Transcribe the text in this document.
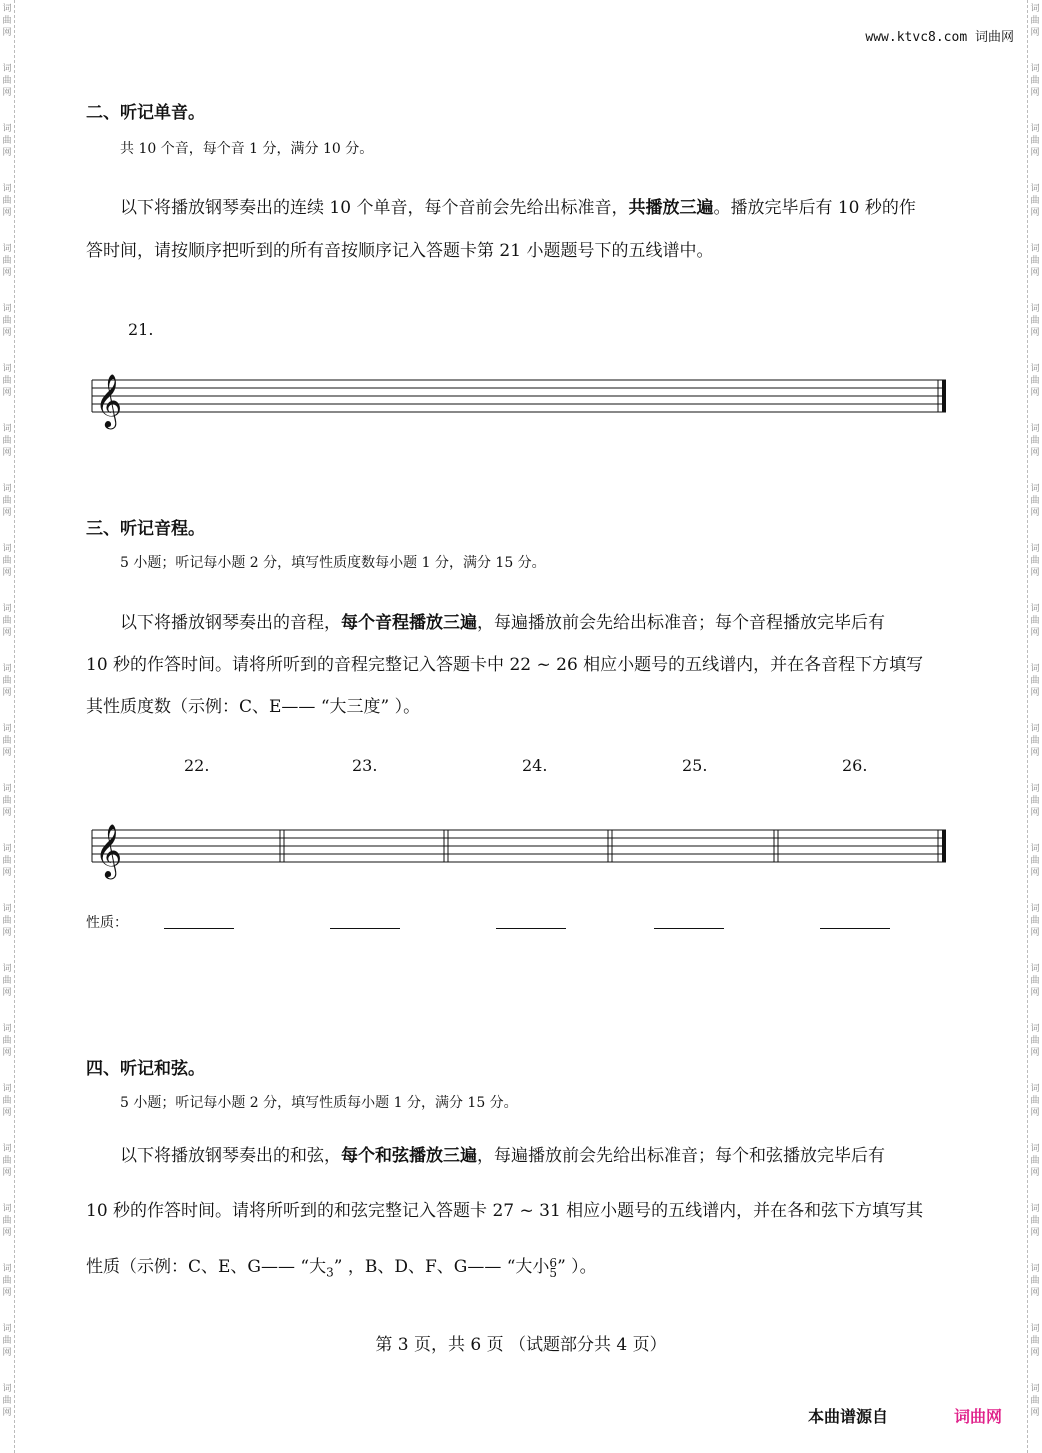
词
曲
网
词
曲
网
词
曲
网
词
曲
网
词
曲
网
词
曲
网
词
曲
网
词
曲
网
词
曲
网
词
曲
网
词
曲
网
词
曲
网
词
曲
网
词
曲
网
词
曲
网
词
曲
网
词
曲
网
词
曲
网
词
曲
网
词
曲
网
词
曲
网
词
曲
网
词
曲
网
词
曲
网
词
曲
网
词
曲
网
词
曲
网
词
曲
网
词
曲
网
词
曲
网
词
曲
网
词
曲
网
词
曲
网
词
曲
网
词
曲
网
词
曲
网
词
曲
网
词
曲
网
词
曲
网
词
曲
网
词
曲
网
词
曲
网
词
曲
网
词
曲
网
词
曲
网
词
曲
网
词
曲
网
词
曲
网
www.ktvc8.com 词曲网
二、听记单音。
共 10 个音，每个音 1 分，满分 10 分。
以下将播放钢琴奏出的连续 10 个单音，每个音前会先给出标准音，共播放三遍。播放完毕后有 10 秒的作
答时间，请按顺序把听到的所有音按顺序记入答题卡第 21 小题题号下的五线谱中。
21.
𝄞
三、听记音程。
5 小题；听记每小题 2 分，填写性质度数每小题 1 分，满分 15 分。
以下将播放钢琴奏出的音程，每个音程播放三遍，每遍播放前会先给出标准音；每个音程播放完毕后有
10 秒的作答时间。请将所听到的音程完整记入答题卡中 22 ~ 26 相应小题号的五线谱内，并在各音程下方填写
其性质度数（示例：C、E—— “大三度” ）。
22.	23.	24.	25.	26.
𝄞
性质：
四、听记和弦。
5 小题；听记每小题 2 分，填写性质每小题 1 分，满分 15 分。
以下将播放钢琴奏出的和弦，每个和弦播放三遍，每遍播放前会先给出标准音；每个和弦播放完毕后有
10 秒的作答时间。请将所听到的和弦完整记入答题卡 27 ~ 31 相应小题号的五线谱内，并在各和弦下方填写其
性质（示例：C、E、G—— “大$_3$” ，B、D、F、G—— “大小 6
5 ” ）。
第 3 页，共 6 页 （试题部分共 4 页）
本曲谱源自	词曲网
